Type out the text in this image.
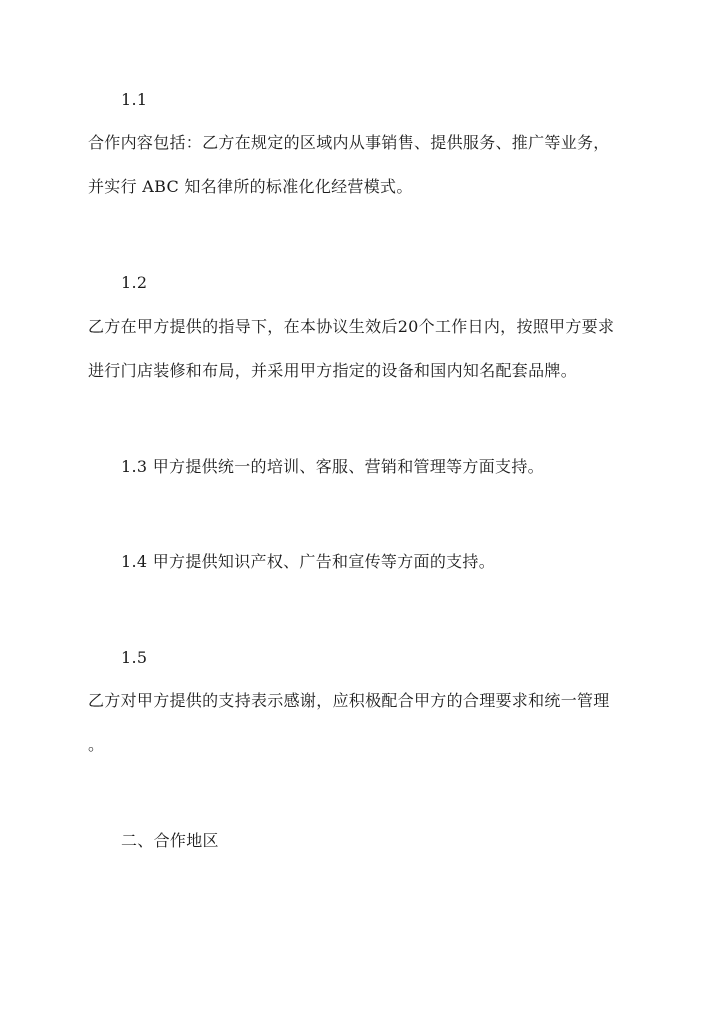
1.1
合作内容包括：乙方在规定的区域内从事销售、提供服务、推广等业务，
并实行 ABC 知名律所的标准化化经营模式。
1.2
乙方在甲方提供的指导下，在本协议生效后20个工作日内，按照甲方要求
进行门店装修和布局，并采用甲方指定的设备和国内知名配套品牌。
1.3 甲方提供统一的培训、客服、营销和管理等方面支持。
1.4 甲方提供知识产权、广告和宣传等方面的支持。
1.5
乙方对甲方提供的支持表示感谢，应积极配合甲方的合理要求和统一管理
。
二、合作地区
